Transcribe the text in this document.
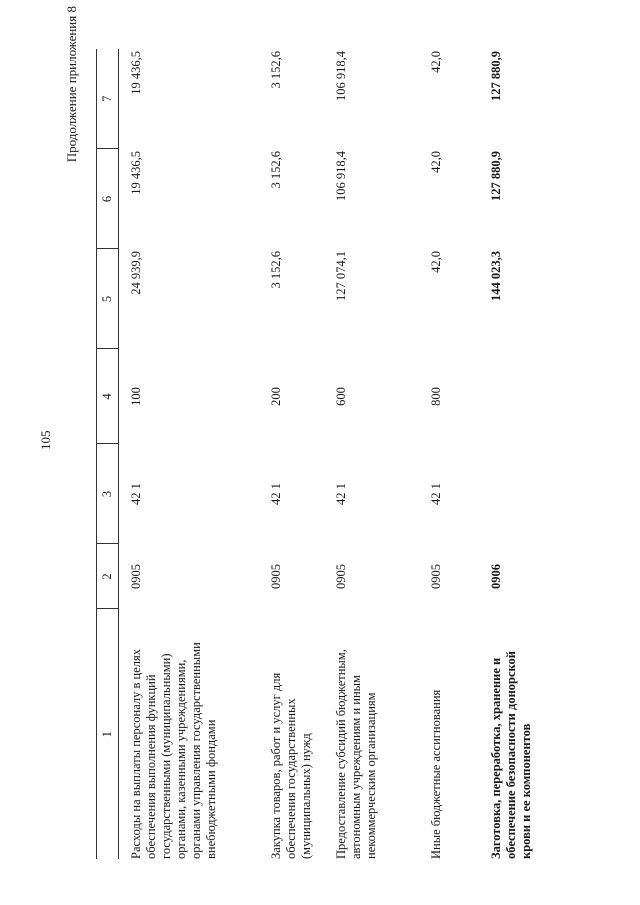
105
Продолжение приложения 8
1	2	3	4	5	6	7
Расходы на выплаты персоналу в целях обеспечения выполнения функций государственными (муниципальными) органами, казенными учреждениями, органами управления государственными внебюджетными фондами	0905	42 1	100	24 939,9	19 436,5	19 436,5
Закупка товаров, работ и услуг для обеспечения государственных (муниципальных) нужд	0905	42 1	200	3 152,6	3 152,6	3 152,6
Предоставление субсидий бюджетным, автономным учреждениям и иным некоммерческим организациям	0905	42 1	600	127 074,1	106 918,4	106 918,4
Иные бюджетные ассигнования	0905	42 1	800	42,0	42,0	42,0
Заготовка, переработка, хранение и обеспечение безопасности донорской крови и ее компонентов	0906			144 023,3	127 880,9	127 880,9
